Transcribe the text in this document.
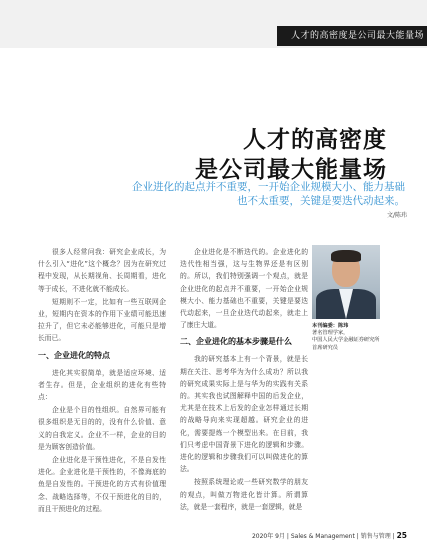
人才的高密度是公司最大能量场
人才的高密度
是公司最大能量场
企业进化的起点并不重要，一开始企业规模大小、能力基础
也不太重要，关键是要迭代动起来。
文/陈玮

很多人经常问我：研究企业成长，为什么引入“进化”这个概念？因为在研究过程中发现，从长期视角、长周期看，进化等于成长，不进化就不能成长。

短期则不一定，比如有一些互联网企业，短期内在资本的作用下业绩可能迅速拉升了，但它未必能够进化，可能只是增长而已。

一、企业进化的特点

进化其实很简单，就是适应环境、适者生存。但是，企业组织的进化有些特点：

企业是个目的性组织。自然界可能有很多组织是无目的的，没有什么价值、意义的自我定义。企业不一样，企业的目的是为顾客创造价值。

企业进化是干预性进化，不是自发性进化。企业进化是干预性的，不像海底的鱼是自发性的。干预进化的方式有价值理念、战略选择等，不仅干预进化的目的，而且干预进化的过程。

企业进化是不断迭代的。企业进化的迭代性相当强，这与生物界还是有区别的。所以，我们特别强调一个观点，就是企业进化的起点并不重要，一开始企业规模大小、能力基础也不重要，关键是要迭代动起来，一旦企业迭代动起来，就走上了康庄大道。

二、企业进化的基本步骤是什么

我的研究基本上有一个背景，就是长期在关注、思考华为为什么成功？所以我的研究成果实际上是与华为的实践有关系的。其实我也试图解释中国的后发企业，尤其是在技术上后发的企业怎样通过长期的战略导向来实现超越。研究企业的进化，需要提炼一个模型出来。在目前，我们只考虑中国背景下进化的逻辑和步骤。进化的逻辑和步骤我们可以叫做进化的算法。

按照系统理论或一些研究数学的朋友的观点，叫做万物进化皆计算。所谓算法，就是一套程序，就是一套逻辑，就是

本刊编委：陈玮
著名管理学家，
中国人民大学金融证券研究所
首席研究员
2020年 9月 | Sales & Management | 销售与管理 | 25
